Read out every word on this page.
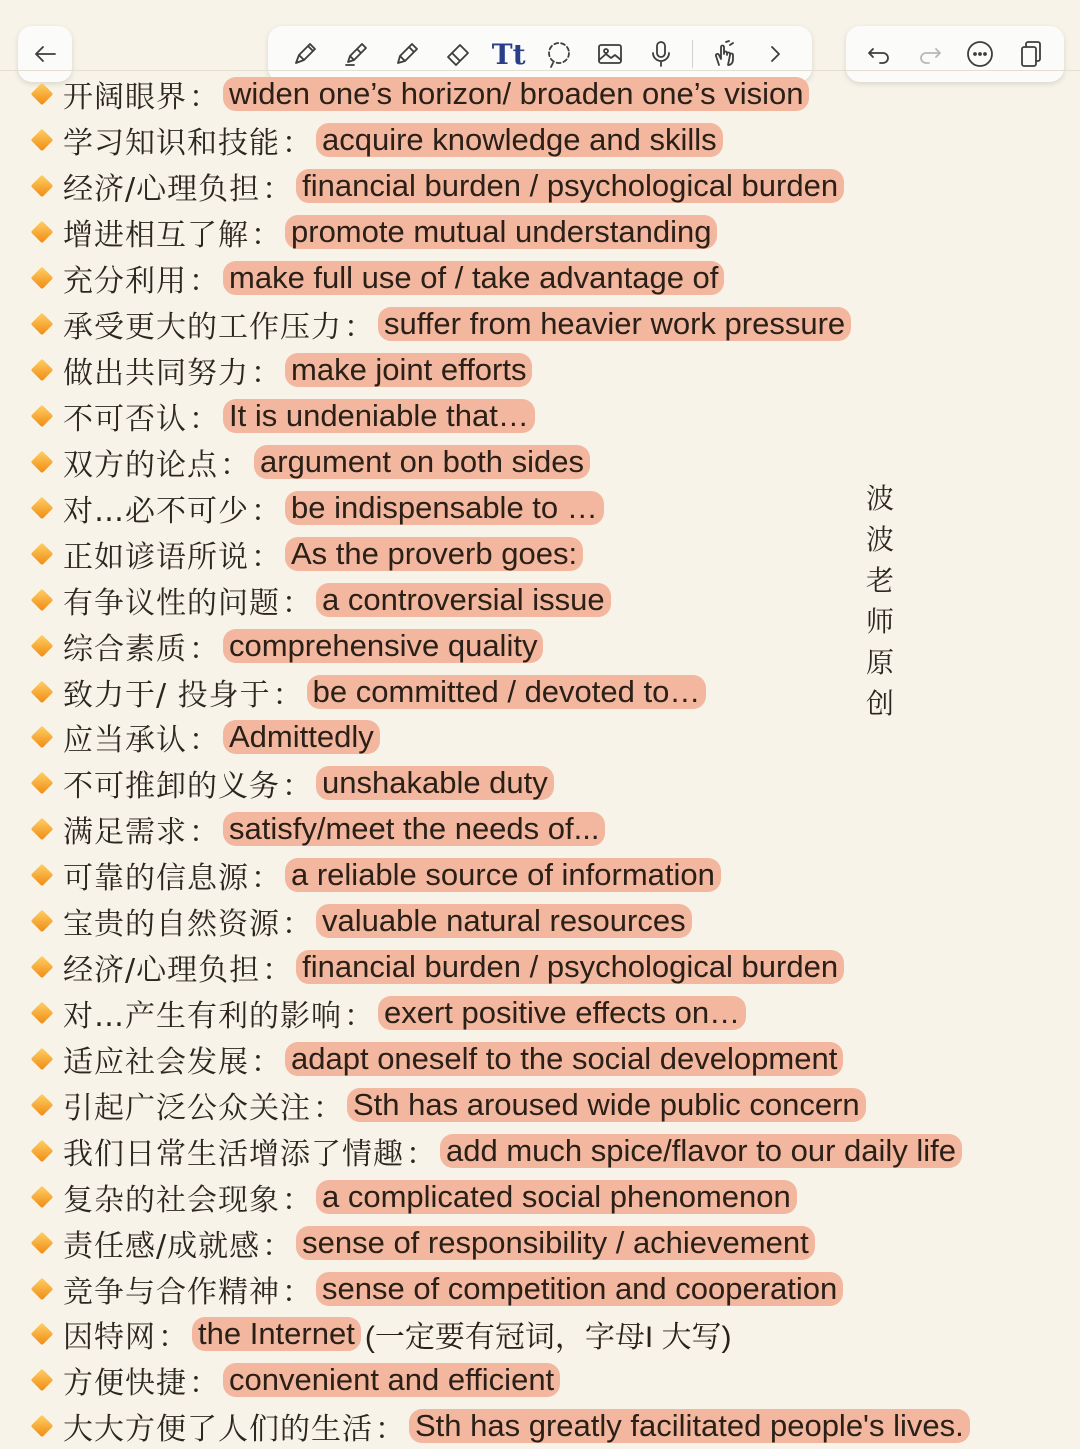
Tt
开阔眼界 ： widen one’s horizon/ broaden one’s vision
学习知识和技能 ： acquire knowledge and skills
经济/心理负担 ： financial burden / psychological burden
增进相互了解 ： promote mutual understanding
充分利用 ： make full use of / take advantage of
承受更大的工作压力 ： suffer from heavier work pressure
做出共同努力 ： make joint efforts
不可否认 ： It is undeniable that…
双方的论点 ： argument on both sides
对…必不可少 ： be indispensable to …
正如谚语所说 ： As the proverb goes:
有争议性的问题 ： a controversial issue
综合素质 ： comprehensive quality
致力于/ 投身于 ： be committed / devoted to…
应当承认 ： Admittedly
不可推卸的义务 ： unshakable duty
满足需求 ： satisfy/meet the needs of...
可靠的信息源 ： a reliable source of information
宝贵的自然资源 ： valuable natural resources
经济/心理负担 ： financial burden / psychological burden
对…产生有利的影响 ： exert positive effects on…
适应社会发展 ： adapt oneself to the social development
引起广泛公众关注 ： Sth has aroused wide public concern
我们日常生活增添了情趣 ： add much spice/flavor to our daily life
复杂的社会现象 ： a complicated social phenomenon
责任感/成就感 ： sense of responsibility / achievement
竞争与合作精神 ： sense of competition and cooperation
因特网 ： the Internet (一定要有冠词，字母I 大写)
方便快捷 ： convenient and efficient
大大方便了人们的生活 ： Sth has greatly facilitated people's lives.
波波老师原创
